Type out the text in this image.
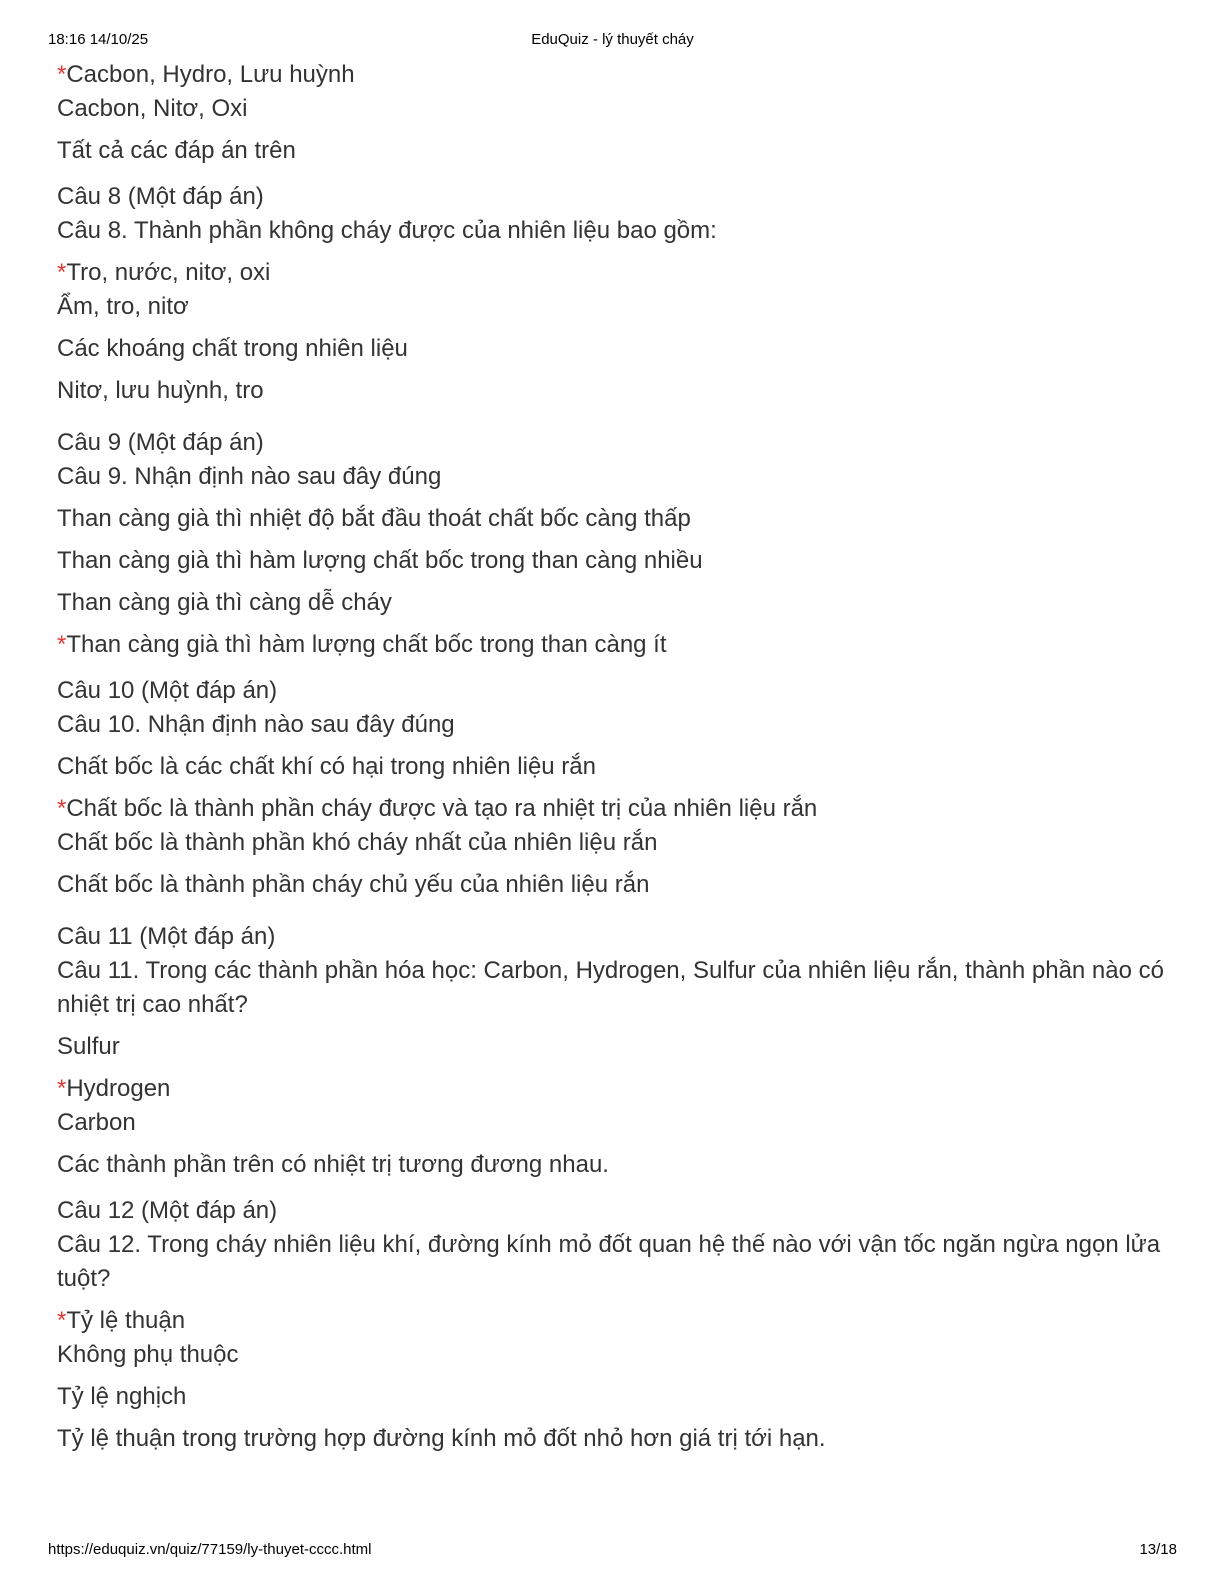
18:16 14/10/25	EduQuiz - lý thuyết cháy
*Cacbon, Hydro, Lưu huỳnh
Cacbon, Nitơ, Oxi
Tất cả các đáp án trên
Câu 8 (Một đáp án)
Câu 8. Thành phần không cháy được của nhiên liệu bao gồm:
*Tro, nước, nitơ, oxi
Ẩm, tro, nitơ
Các khoáng chất trong nhiên liệu
Nitơ, lưu huỳnh, tro
Câu 9 (Một đáp án)
Câu 9. Nhận định nào sau đây đúng
Than càng già thì nhiệt độ bắt đầu thoát chất bốc càng thấp
Than càng già thì hàm lượng chất bốc trong than càng nhiều
Than càng già thì càng dễ cháy
*Than càng già thì hàm lượng chất bốc trong than càng ít
Câu 10 (Một đáp án)
Câu 10. Nhận định nào sau đây đúng
Chất bốc là các chất khí có hại trong nhiên liệu rắn
*Chất bốc là thành phần cháy được và tạo ra nhiệt trị của nhiên liệu rắn
Chất bốc là thành phần khó cháy nhất của nhiên liệu rắn
Chất bốc là thành phần cháy chủ yếu của nhiên liệu rắn
Câu 11 (Một đáp án)
Câu 11. Trong các thành phần hóa học: Carbon, Hydrogen, Sulfur của nhiên liệu rắn, thành phần nào có nhiệt trị cao nhất?
Sulfur
*Hydrogen
Carbon
Các thành phần trên có nhiệt trị tương đương nhau.
Câu 12 (Một đáp án)
Câu 12. Trong cháy nhiên liệu khí, đường kính mỏ đốt quan hệ thế nào với vận tốc ngăn ngừa ngọn lửa tuột?
*Tỷ lệ thuận
Không phụ thuộc
Tỷ lệ nghịch
Tỷ lệ thuận trong trường hợp đường kính mỏ đốt nhỏ hơn giá trị tới hạn.
https://eduquiz.vn/quiz/77159/ly-thuyet-cccc.html	13/18
